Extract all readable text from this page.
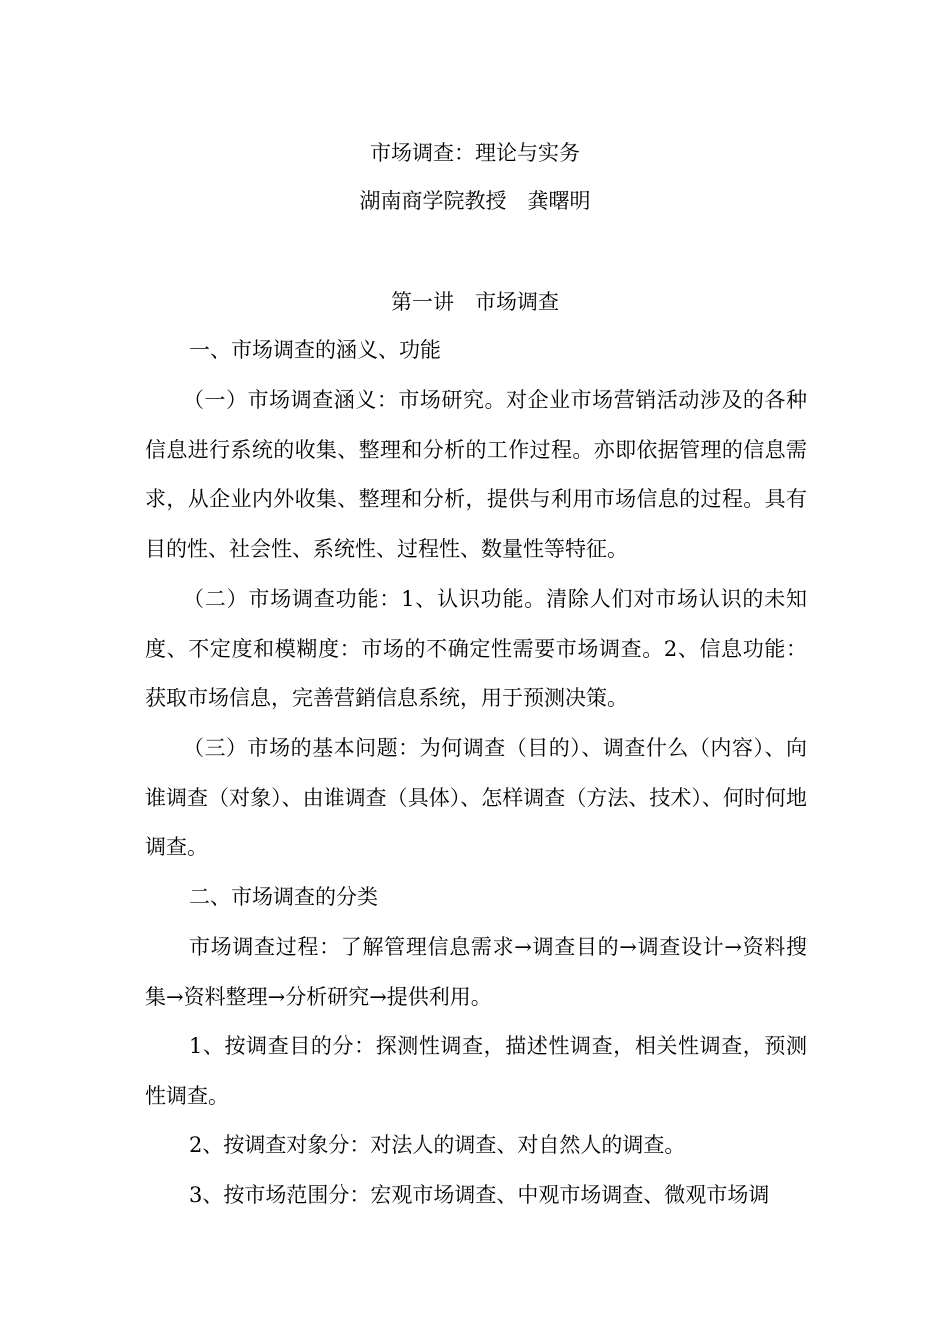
市场调查：理论与实务
湖南商学院教授　龚曙明
第一讲　市场调查

一、市场调查的涵义、功能

（一）市场调查涵义：市场研究。对企业市场营销活动涉及的各种信息进行系统的收集、整理和分析的工作过程。亦即依据管理的信息需求，从企业内外收集、整理和分析，提供与利用市场信息的过程。具有目的性、社会性、系统性、过程性、数量性等特征。

（二）市场调查功能：1、认识功能。清除人们对市场认识的未知度、不定度和模糊度：市场的不确定性需要市场调查。2、信息功能：获取市场信息，完善营銷信息系统，用于预测决策。

（三）市场的基本问题：为何调查（目的）、调查什么（内容）、向谁调查（对象）、由谁调查（具体）、怎样调查（方法、技术）、何时何地调查。

二、市场调查的分类

市场调查过程：了解管理信息需求→调查目的→调查设计→资料搜集→资料整理→分析研究→提供利用。

1、按调查目的分：探测性调查，描述性调查，相关性调查，预测性调查。

2、按调查对象分：对法人的调查、对自然人的调查。

3、按市场范围分：宏观市场调查、中观市场调查、微观市场调
